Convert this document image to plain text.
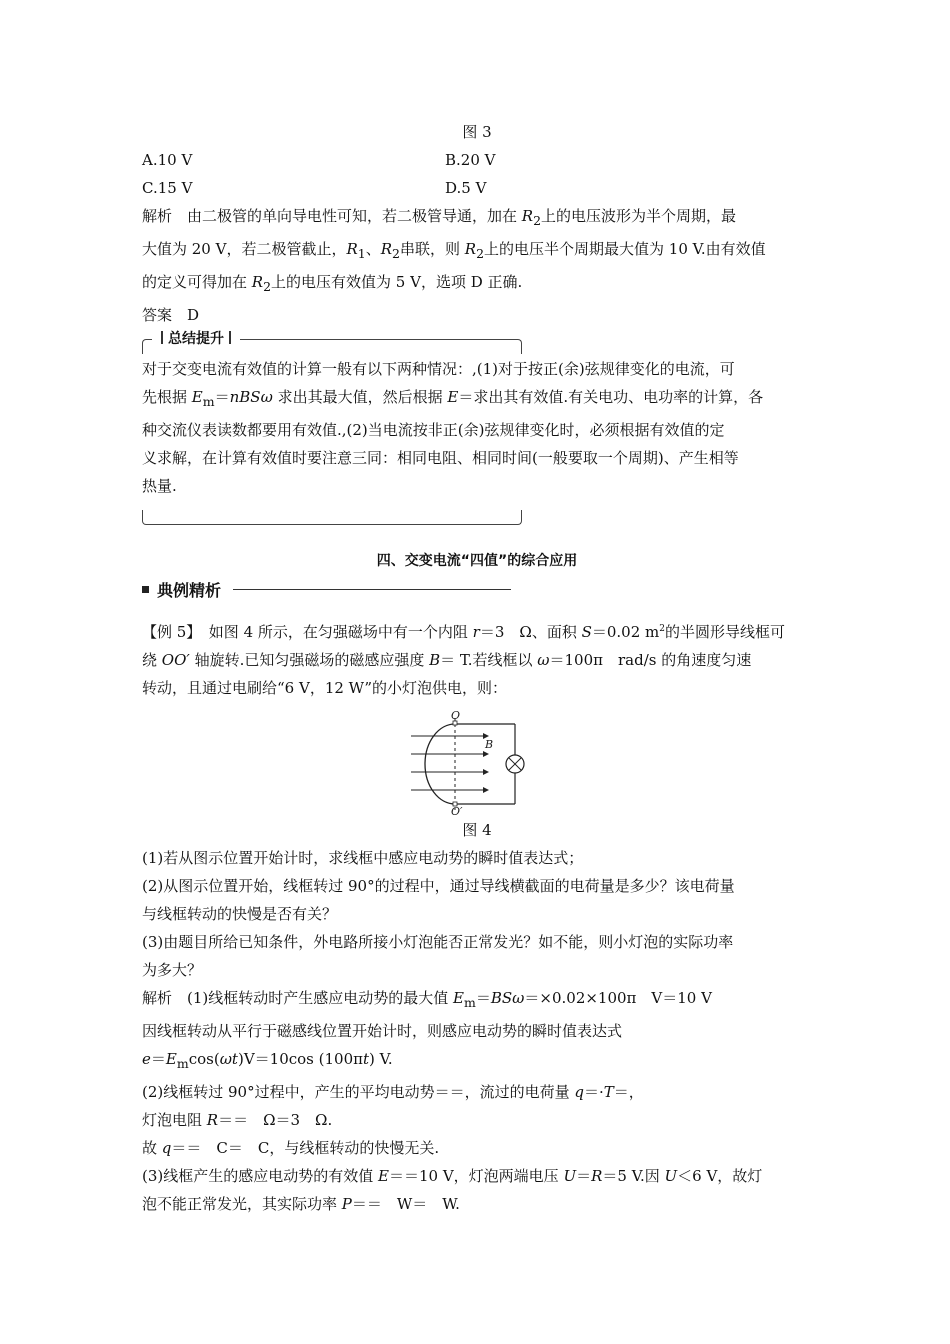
图 3
A.10 V	B.20 V
C.15 V	D.5 V
解析　由二极管的单向导电性可知，若二极管导通，加在 $R_2$上的电压波形为半个周期，最
大值为 20 V，若二极管截止，$R_1$、$R_2$串联，则 $R_2$上的电压半个周期最大值为 10 V.由有效值
的定义可得加在 $R_2$上的电压有效值为 5 V，选项 D 正确.
答案　D
总结提升
对于交变电流有效值的计算一般有以下两种情况：,(1)对于按正(余)弦规律变化的电流，可
先根据 $E_m=nBS\omega$ 求出其最大值，然后根据 E＝求出其有效值.有关电功、电功率的计算，各
种交流仪表读数都要用有效值.,(2)当电流按非正(余)弦规律变化时，必须根据有效值的定
义求解，在计算有效值时要注意三同：相同电阻、相同时间(一般要取一个周期)、产生相等
热量.
四、交变电流“四值”的综合应用
典例精析
【例 5】　如图 4 所示，在匀强磁场中有一个内阻 r＝3　Ω、面积 S＝0.02 $m^2$的半圆形导线框可
绕 OO′ 轴旋转.已知匀强磁场的磁感应强度 B＝ T.若线框以 ω＝100π　rad/s 的角速度匀速
转动，且通过电刷给“6 V，12 W”的小灯泡供电，则：
O
O′
B
图 4
(1)若从图示位置开始计时，求线框中感应电动势的瞬时值表达式；
(2)从图示位置开始，线框转过 90°的过程中，通过导线横截面的电荷量是多少？该电荷量
与线框转动的快慢是否有关？
(3)由题目所给已知条件，外电路所接小灯泡能否正常发光？如不能，则小灯泡的实际功率
为多大？
解析　(1)线框转动时产生感应电动势的最大值 $E_m=BS\omega=\times 0.02\times 100\pi$　V＝10 V
因线框转动从平行于磁感线位置开始计时，则感应电动势的瞬时值表达式
$e=E_m\cos(\omega t)V=10\cos$ (100πt) V.
(2)线框转过 90°过程中，产生的平均电动势＝＝，流过的电荷量 q＝·T＝，
灯泡电阻 R＝＝　Ω＝3　Ω.
故 q＝＝　C＝　C，与线框转动的快慢无关.
(3)线框产生的感应电动势的有效值 E＝＝10 V，灯泡两端电压 U＝R＝5 V.因 U＜6 V，故灯
泡不能正常发光，其实际功率 P＝＝　W＝　W.
